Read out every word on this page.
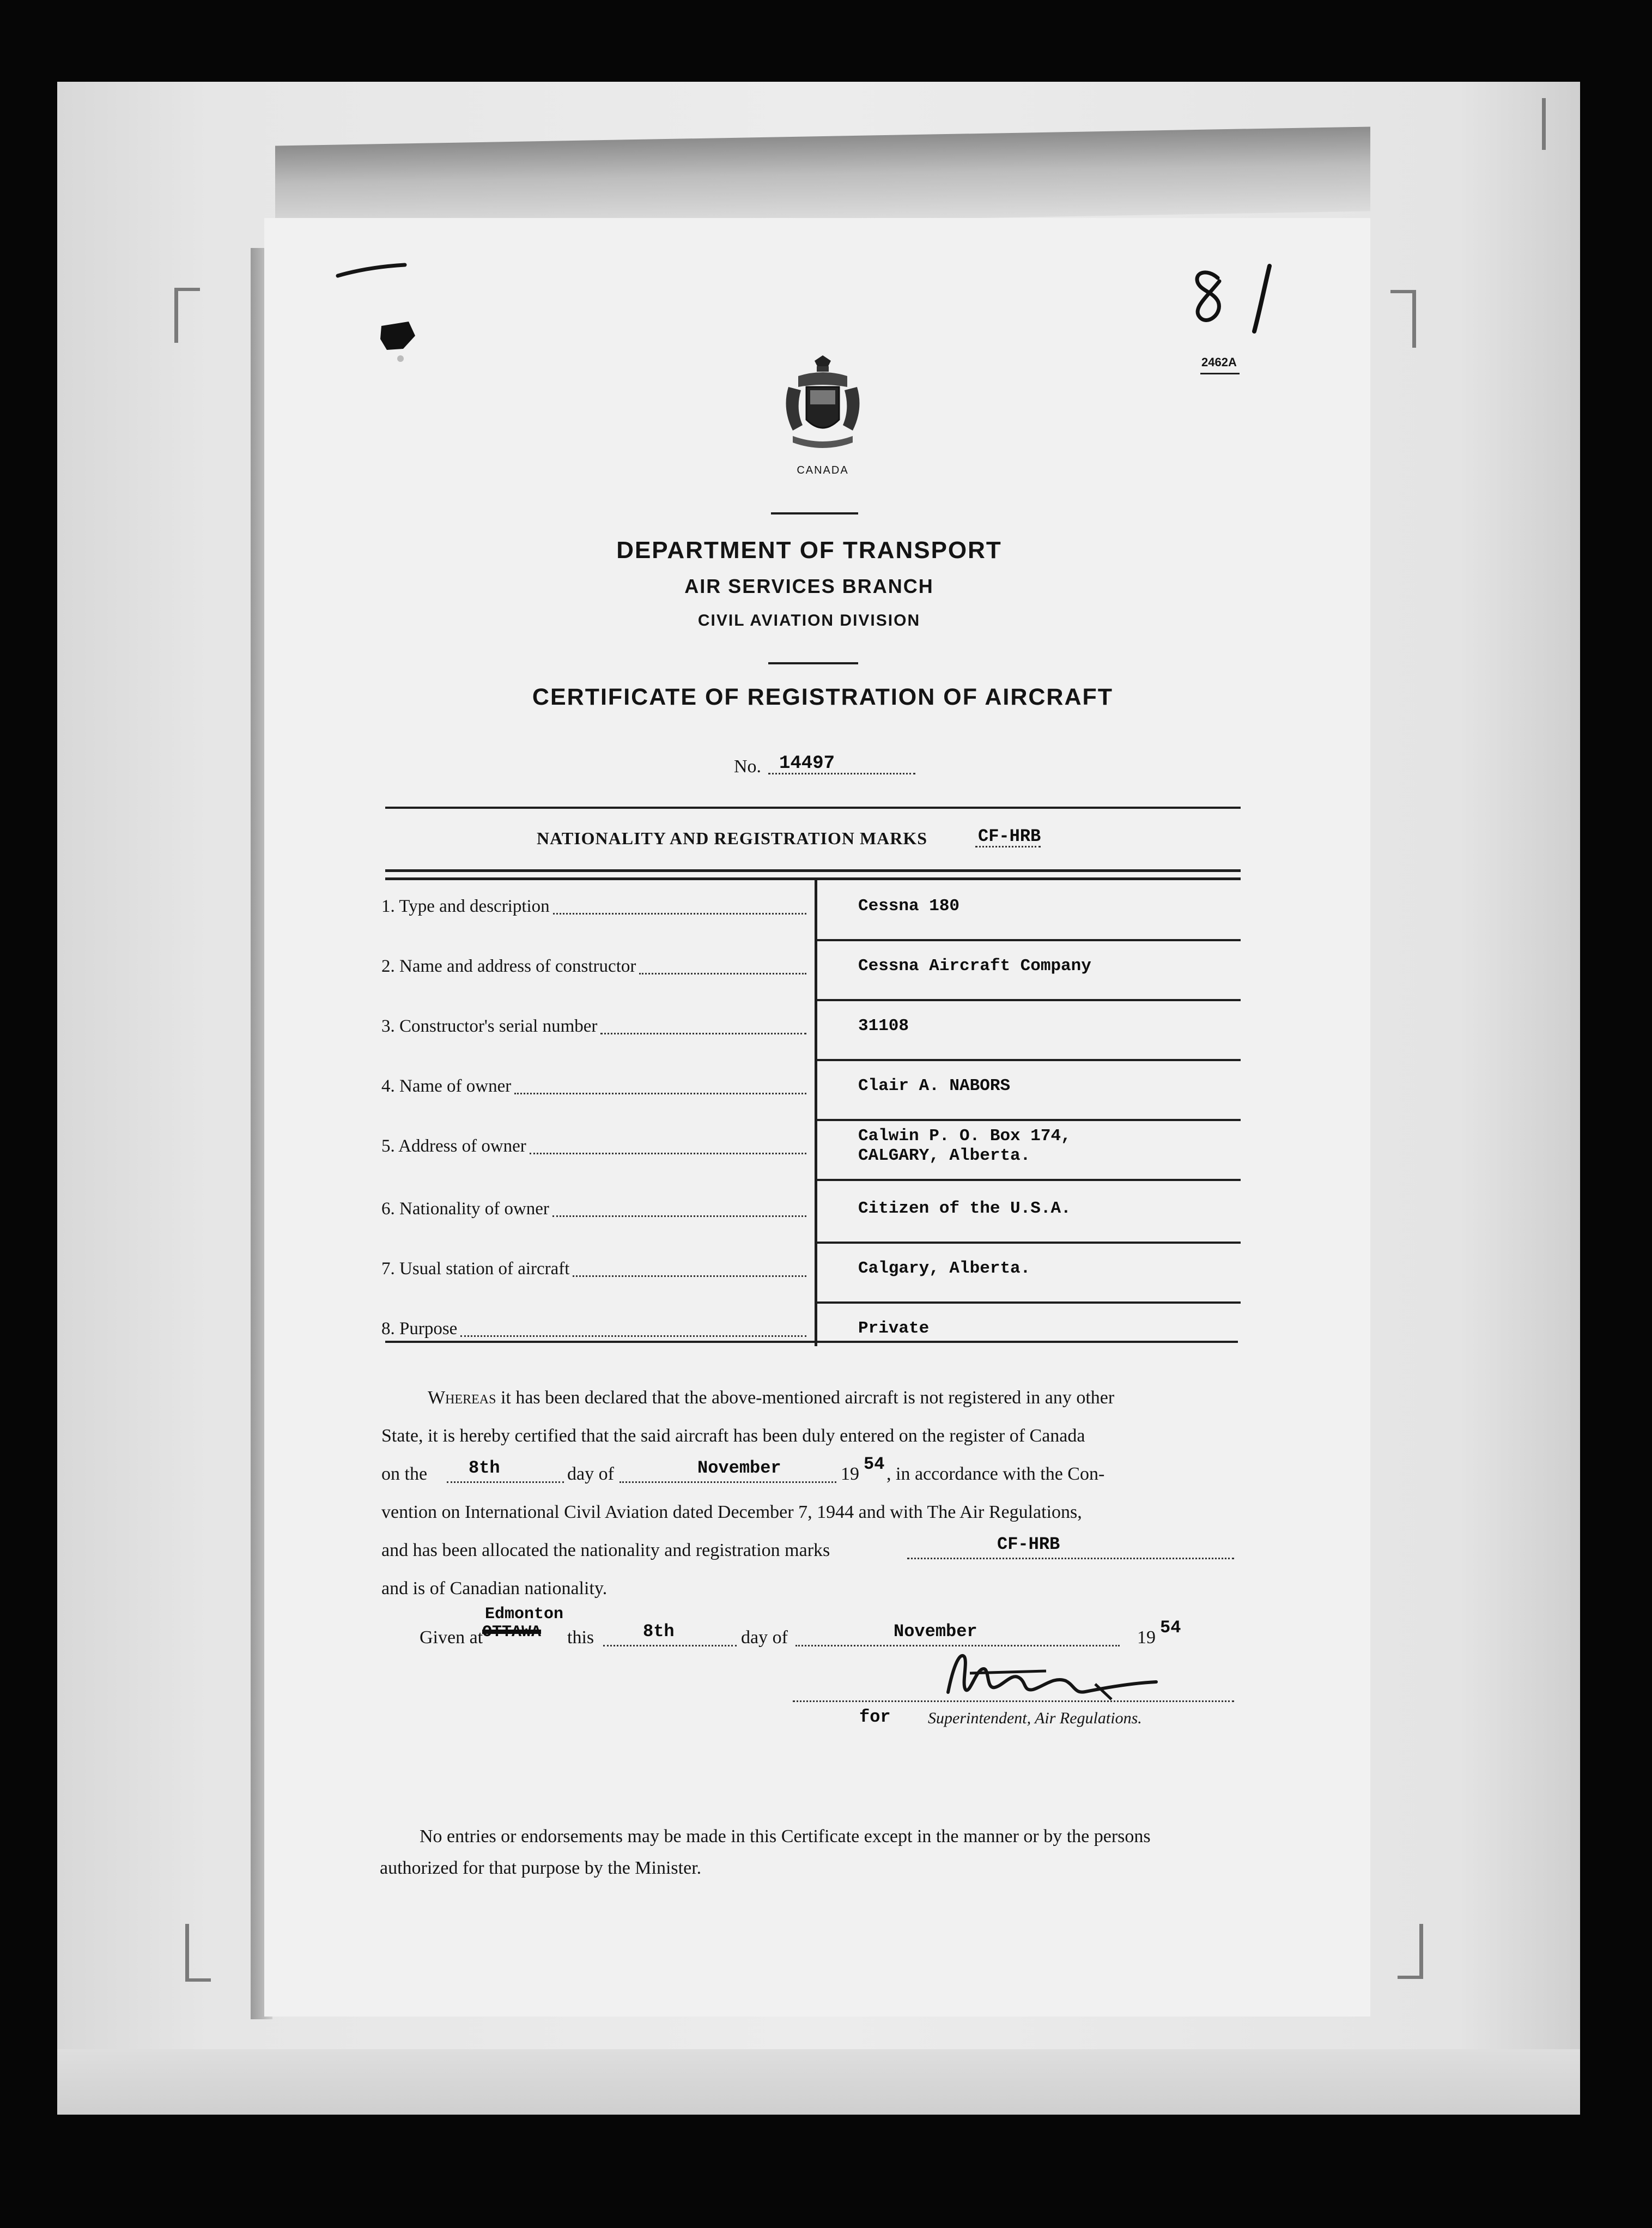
2462A
CANADA
DEPARTMENT OF TRANSPORT
AIR SERVICES BRANCH
CIVIL AVIATION DIVISION
CERTIFICATE OF REGISTRATION OF AIRCRAFT
No. 14497
NATIONALITY AND REGISTRATION MARKS	CF-HRB
1. Type and description	Cessna 180
2. Name and address of constructor	Cessna Aircraft Company
3. Constructor's serial number	31108
4. Name of owner	Clair A. NABORS
5. Address of owner
Calwin P. O. Box 174,
CALGARY, Alberta.
6. Nationality of owner	Citizen of the U.S.A.
7. Usual station of aircraft	Calgary, Alberta.
8. Purpose	Private
Whereas it has been declared that the above-mentioned aircraft is not registered in any other
State, it is hereby certified that the said aircraft has been duly entered on the register of Canada
on the	8th	day of	November	19 54 , in accordance with the Con-
vention on International Civil Aviation dated December 7, 1944 and with The Air Regulations,
and has been allocated the nationality and registration marks	CF-HRB
and is of Canadian nationality.
Given at
Edmonton
OTTAWA this	8th	day of	November	19 54
for Superintendent, Air Regulations.
No entries or endorsements may be made in this Certificate except in the manner or by the persons
authorized for that purpose by the Minister.
